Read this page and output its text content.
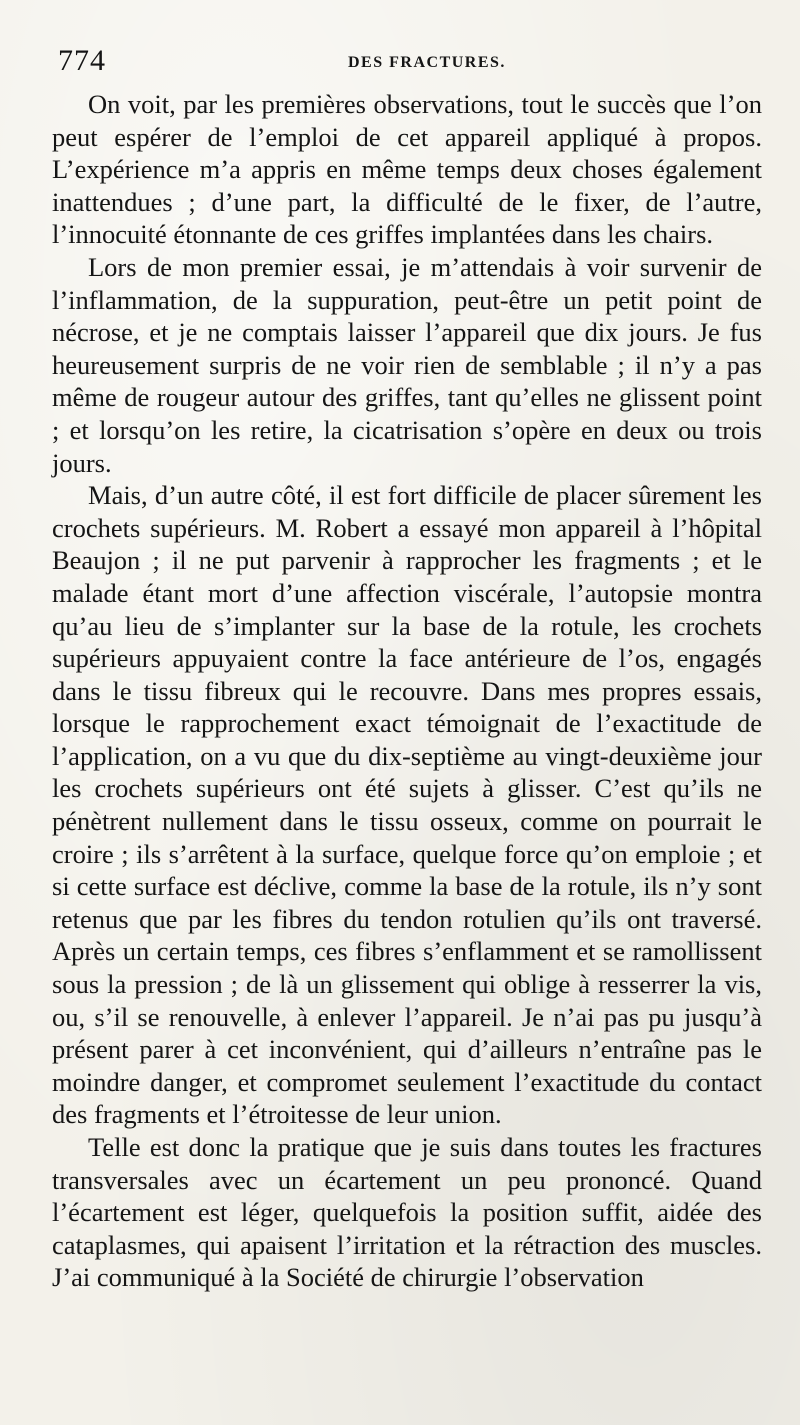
774	DES FRACTURES.

On voit, par les premières observations, tout le succès que l’on peut espérer de l’emploi de cet appareil appliqué à propos. L’expérience m’a appris en même temps deux choses également inattendues ; d’une part, la difficulté de le fixer, de l’autre, l’innocuité étonnante de ces griffes implantées dans les chairs.

Lors de mon premier essai, je m’attendais à voir survenir de l’inflammation, de la suppuration, peut-être un petit point de nécrose, et je ne comptais laisser l’appareil que dix jours. Je fus heureusement surpris de ne voir rien de semblable ; il n’y a pas même de rougeur autour des griffes, tant qu’elles ne glissent point ; et lorsqu’on les retire, la cicatrisation s’opère en deux ou trois jours.

Mais, d’un autre côté, il est fort difficile de placer sûrement les crochets supérieurs. M. Robert a essayé mon appareil à l’hôpital Beaujon ; il ne put parvenir à rapprocher les fragments ; et le malade étant mort d’une affection viscérale, l’autopsie montra qu’au lieu de s’implanter sur la base de la rotule, les crochets supérieurs appuyaient contre la face antérieure de l’os, engagés dans le tissu fibreux qui le recouvre. Dans mes propres essais, lorsque le rapprochement exact témoignait de l’exactitude de l’application, on a vu que du dix-septième au vingt-deuxième jour les crochets supérieurs ont été sujets à glisser. C’est qu’ils ne pénètrent nullement dans le tissu osseux, comme on pourrait le croire ; ils s’arrêtent à la surface, quelque force qu’on emploie ; et si cette surface est déclive, comme la base de la rotule, ils n’y sont retenus que par les fibres du tendon rotulien qu’ils ont traversé. Après un certain temps, ces fibres s’enflamment et se ramollissent sous la pression ; de là un glissement qui oblige à resserrer la vis, ou, s’il se renouvelle, à enlever l’appareil. Je n’ai pas pu jusqu’à présent parer à cet inconvénient, qui d’ailleurs n’entraîne pas le moindre danger, et compromet seulement l’exactitude du contact des fragments et l’étroitesse de leur union.

Telle est donc la pratique que je suis dans toutes les fractures transversales avec un écartement un peu prononcé. Quand l’écartement est léger, quelquefois la position suffit, aidée des cataplasmes, qui apaisent l’irritation et la rétraction des muscles. J’ai communiqué à la Société de chirurgie l’observation
